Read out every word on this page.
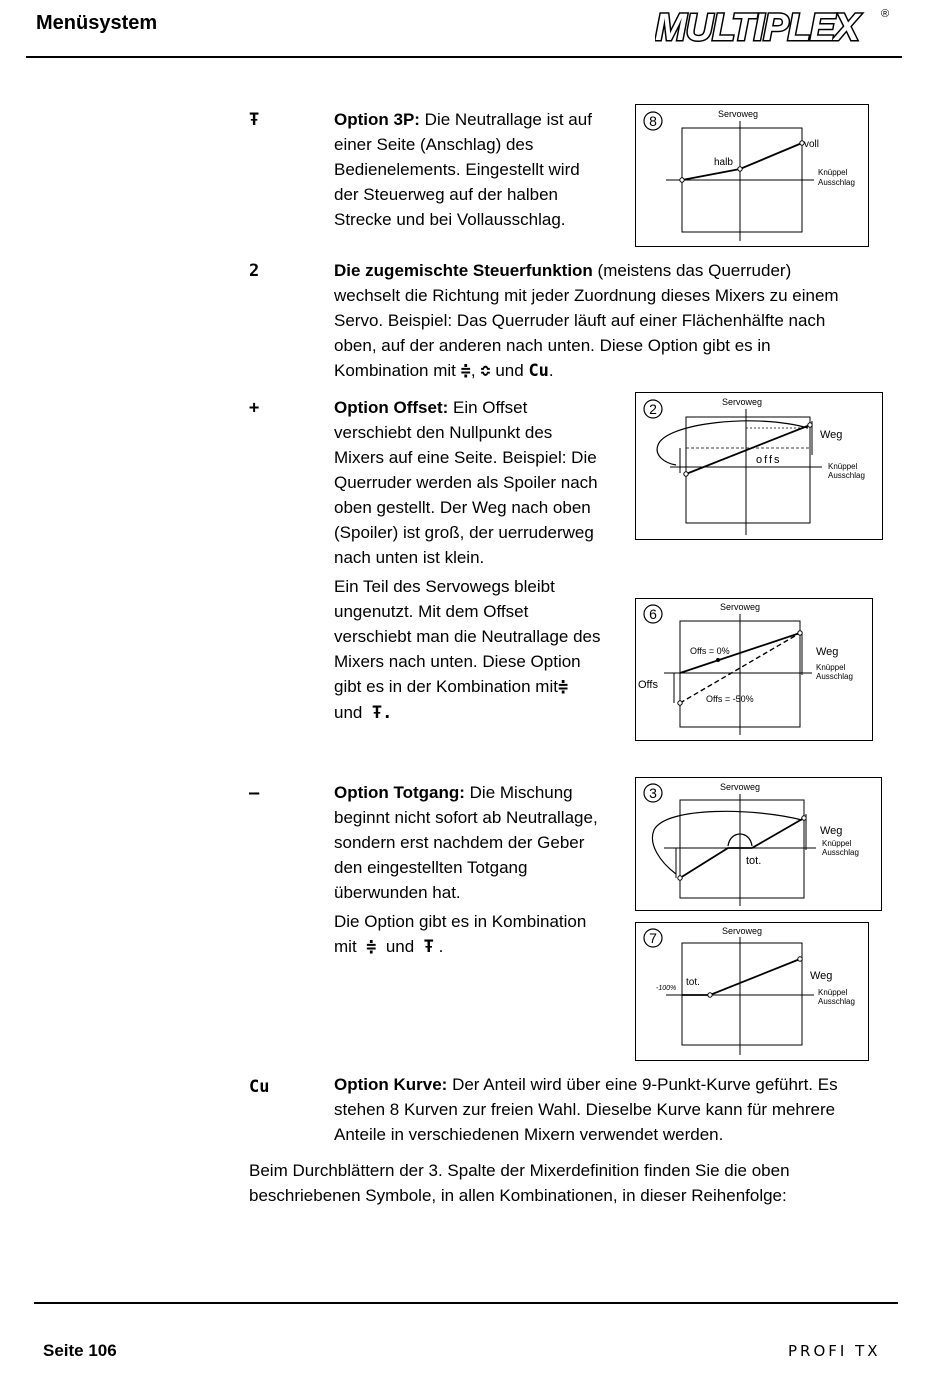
Menüsystem	MULTIPLEX	®
Ŧ	Option 3P: Die Neutrallage ist auf
einer Seite (Anschlag) des
Bedienelements. Eingestellt wird
der Steuerweg auf der halben
Strecke und bei Vollausschlag.
8	Servoweg
halb
voll
Knüppel
Ausschlag
2	Die zugemischte Steuerfunktion (meistens das Querruder)
wechselt die Richtung mit jeder Zuordnung dieses Mixers zu einem
Servo. Beispiel: Das Querruder läuft auf einer Flächenhälfte nach
oben, auf der anderen nach unten. Diese Option gibt es in
Kombination mit ≑, ≎ und Cu.
+	Option Offset: Ein Offset
verschiebt den Nullpunkt des
Mixers auf eine Seite. Beispiel: Die
Querruder werden als Spoiler nach
oben gestellt. Der Weg nach oben
(Spoiler) ist groß, der uerruderweg
nach unten ist klein.
Ein Teil des Servowegs bleibt
ungenutzt. Mit dem Offset
verschiebt man die Neutrallage des
Mixers nach unten. Diese Option
gibt es in der Kombination mit≑
und Ŧ.
2	Servoweg
Weg
offs
Knüppel
Ausschlag
6	Servoweg
Offs = 0%
Offs = -50%
Weg
Offs
Knüppel
Ausschlag
–	Option Totgang: Die Mischung
beginnt nicht sofort ab Neutrallage,
sondern erst nachdem der Geber
den eingestellten Totgang
überwunden hat.
Die Option gibt es in Kombination
mit ≑ und Ŧ .
3	Servoweg
Weg
tot.
Knüppel
Ausschlag
7	Servoweg
tot.
-100%
Weg
Knüppel
Ausschlag
Cu	Option Kurve: Der Anteil wird über eine 9-Punkt-Kurve geführt. Es
stehen 8 Kurven zur freien Wahl. Dieselbe Kurve kann für mehrere
Anteile in verschiedenen Mixern verwendet werden.
Beim Durchblättern der 3. Spalte der Mixerdefinition finden Sie die oben
beschriebenen Symbole, in allen Kombinationen, in dieser Reihenfolge:
Seite 106	PROFI TX
